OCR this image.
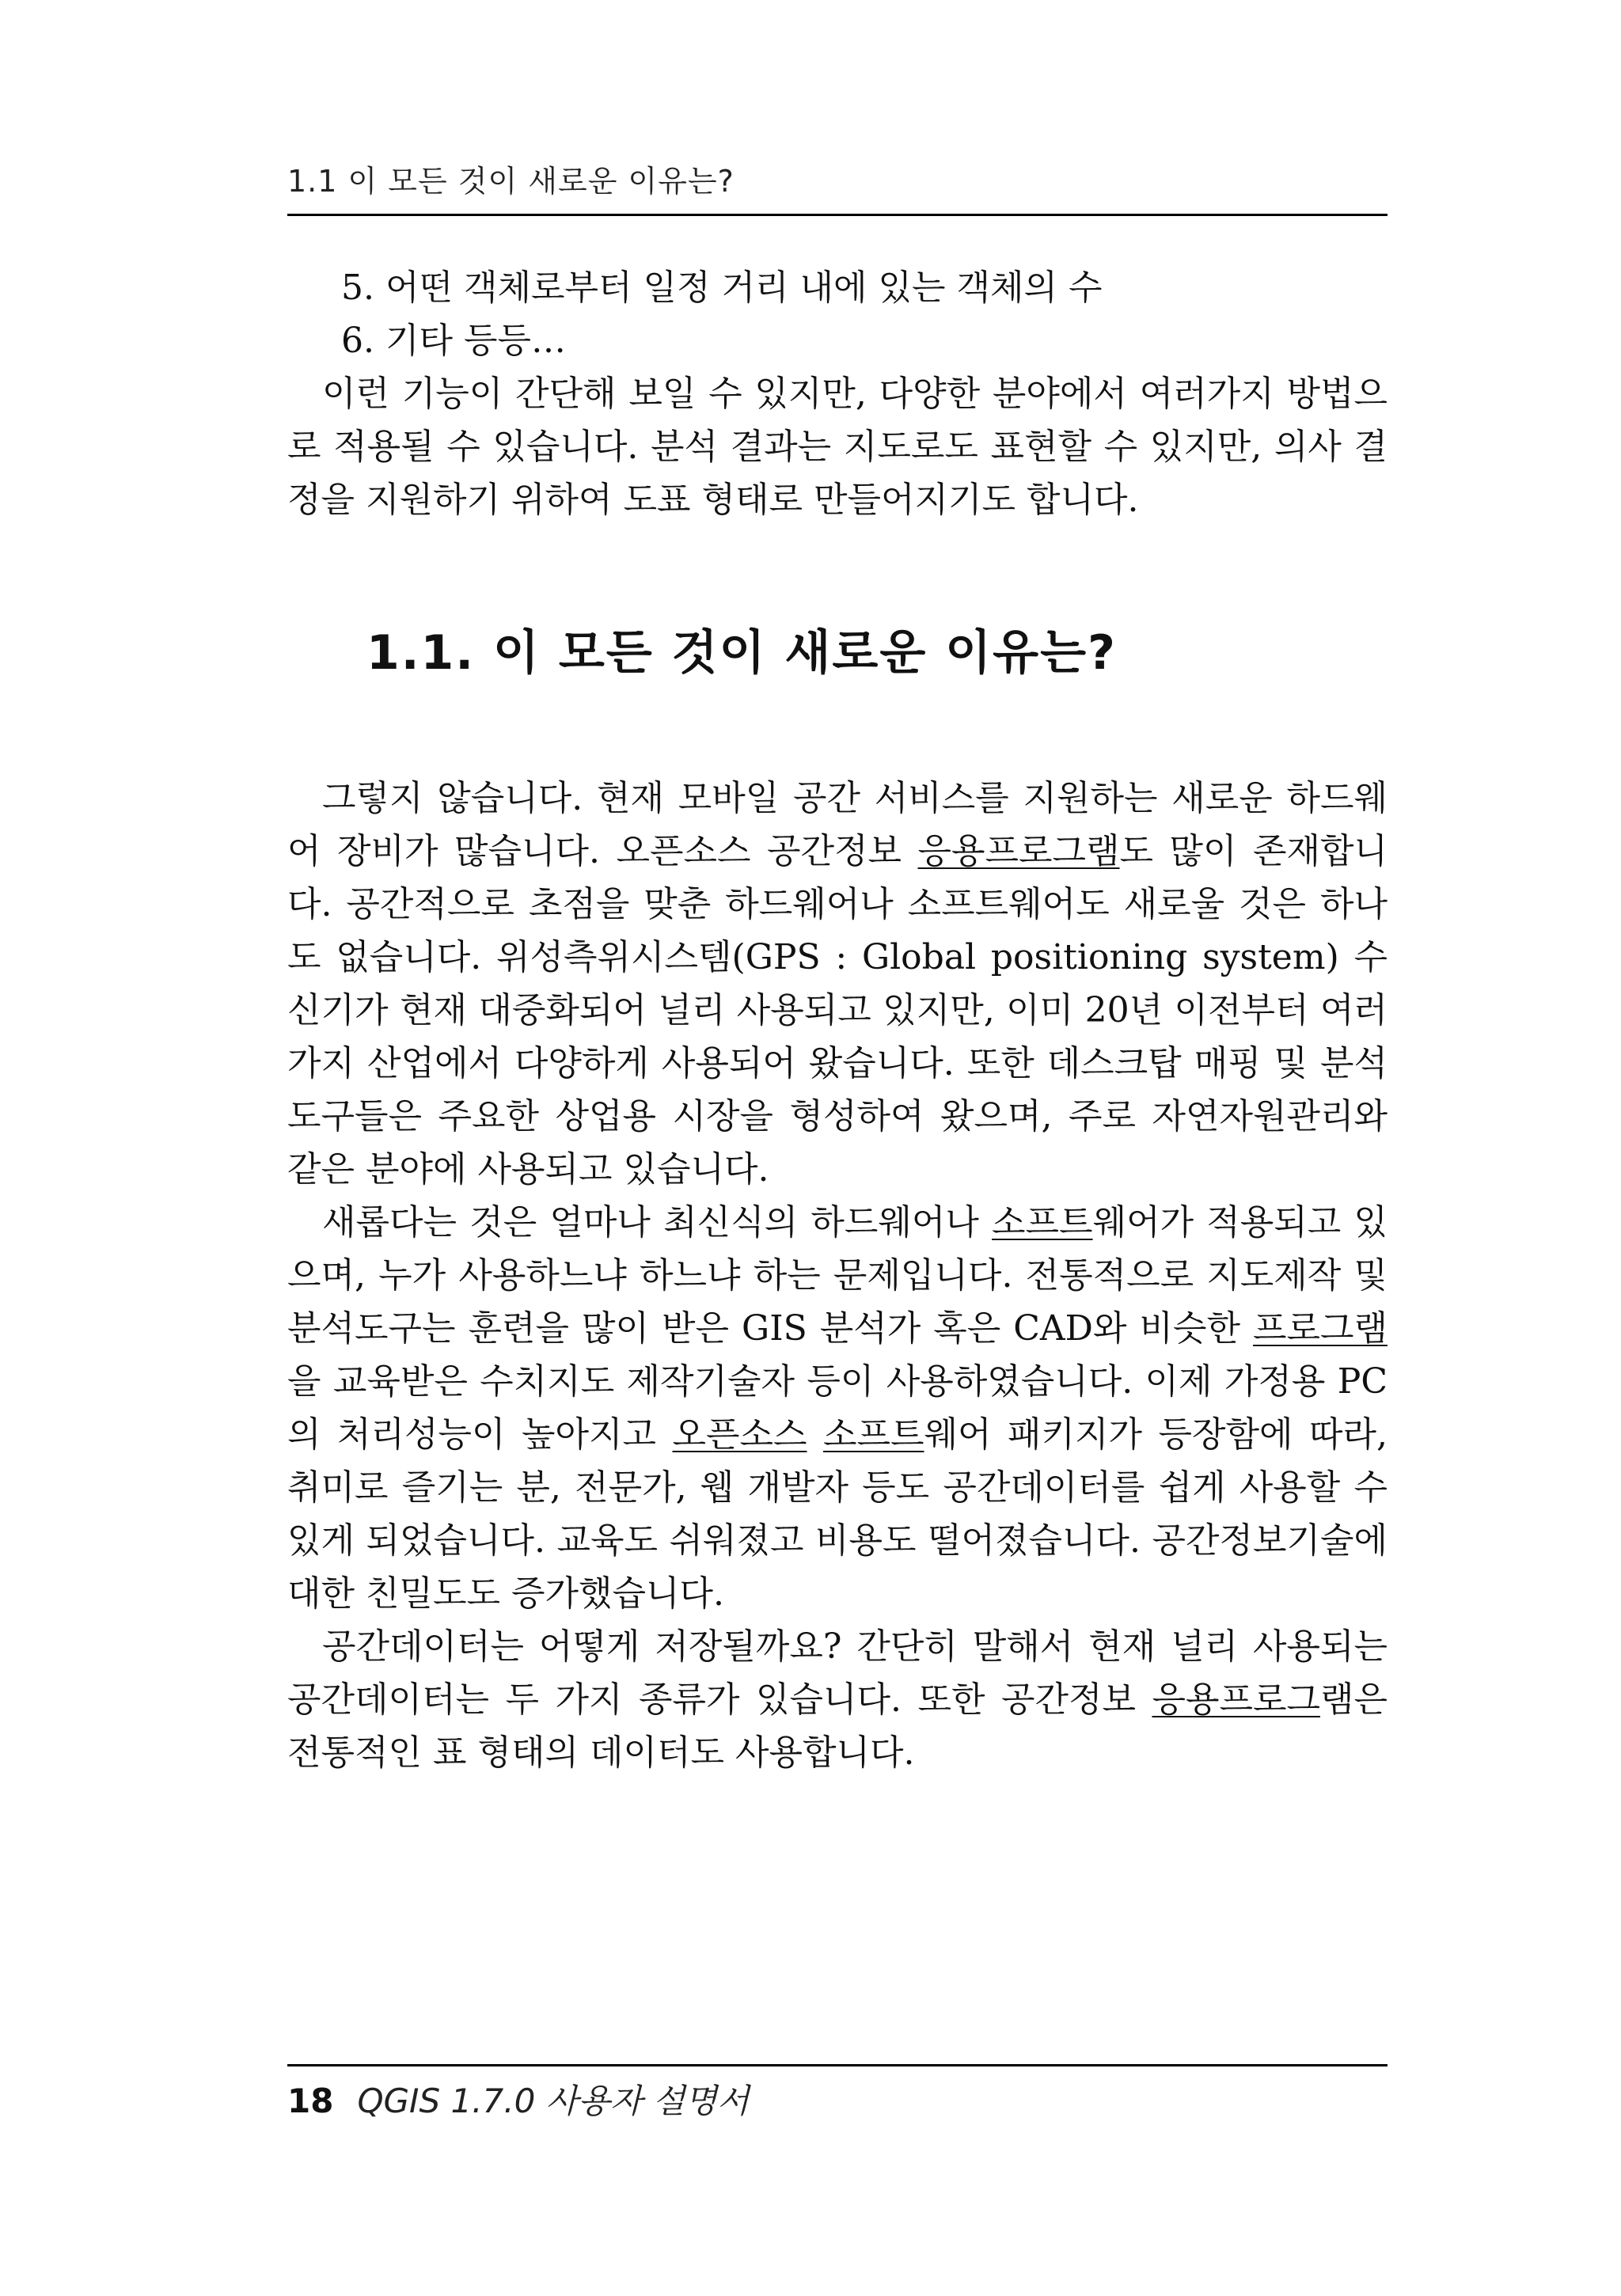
1.1 이 모든 것이 새로운 이유는?

5. 어떤 객체로부터 일정 거리 내에 있는 객체의 수

6. 기타 등등…

이런 기능이 간단해 보일 수 있지만, 다양한 분야에서 여러가지 방법으로 적용될 수 있습니다. 분석 결과는 지도로도 표현할 수 있지만, 의사 결정을 지원하기 위하여 도표 형태로 만들어지기도 합니다.

1.1. 이 모든 것이 새로운 이유는?

그렇지 않습니다. 현재 모바일 공간 서비스를 지원하는 새로운 하드웨어 장비가 많습니다. 오픈소스 공간정보 응용프로그램도 많이 존재합니다. 공간적으로 초점을 맞춘 하드웨어나 소프트웨어도 새로울 것은 하나도 없습니다. 위성측위시스템(GPS : Global positioning system) 수신기가 현재 대중화되어 널리 사용되고 있지만, 이미 20년 이전부터 여러가지 산업에서 다양하게 사용되어 왔습니다. 또한 데스크탑 매핑 및 분석 도구들은 주요한 상업용 시장을 형성하여 왔으며, 주로 자연자원관리와 같은 분야에 사용되고 있습니다.

새롭다는 것은 얼마나 최신식의 하드웨어나 소프트웨어가 적용되고 있으며, 누가 사용하느냐 하느냐 하는 문제입니다. 전통적으로 지도제작 및 분석도구는 훈련을 많이 받은 GIS 분석가 혹은 CAD와 비슷한 프로그램을 교육받은 수치지도 제작기술자 등이 사용하였습니다. 이제 가정용 PC 의 처리성능이 높아지고 오픈소스 소프트웨어 패키지가 등장함에 따라, 취미로 즐기는 분, 전문가, 웹 개발자 등도 공간데이터를 쉽게 사용할 수 있게 되었습니다. 교육도 쉬워졌고 비용도 떨어졌습니다. 공간정보기술에 대한 친밀도도 증가했습니다.

공간데이터는 어떻게 저장될까요? 간단히 말해서 현재 널리 사용되는 공간데이터는 두 가지 종류가 있습니다. 또한 공간정보 응용프로그램은 전통적인 표 형태의 데이터도 사용합니다.

18 QGIS 1.7.0 사용자 설명서
